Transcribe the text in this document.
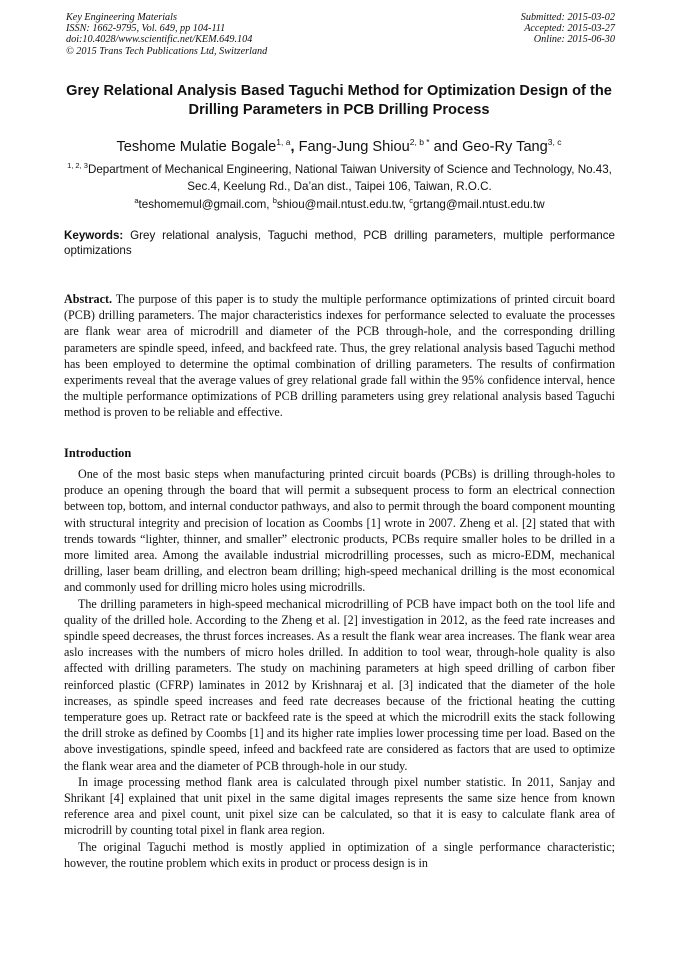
Key Engineering Materials
ISSN: 1662-9795, Vol. 649, pp 104-111
doi:10.4028/www.scientific.net/KEM.649.104
© 2015 Trans Tech Publications Ltd, Switzerland
Submitted: 2015-03-02
Accepted: 2015-03-27
Online: 2015-06-30
Grey Relational Analysis Based Taguchi Method for Optimization Design of the Drilling Parameters in PCB Drilling Process
Teshome Mulatie Bogale$^{1, a}$, Fang-Jung Shiou$^{2, b *}$ and Geo-Ry Tang$^{3, c}$
$^{1, 2, 3}$Department of Mechanical Engineering, National Taiwan University of Science and Technology, No.43, Sec.4, Keelung Rd., Da’an dist., Taipei 106, Taiwan, R.O.C.
$^a$teshomemul@gmail.com, $^b$shiou@mail.ntust.edu.tw, $^c$grtang@mail.ntust.edu.tw
Keywords: Grey relational analysis, Taguchi method, PCB drilling parameters, multiple performance optimizations
Abstract. The purpose of this paper is to study the multiple performance optimizations of printed circuit board (PCB) drilling parameters. The major characteristics indexes for performance selected to evaluate the processes are flank wear area of microdrill and diameter of the PCB through-hole, and the corresponding drilling parameters are spindle speed, infeed, and backfeed rate. Thus, the grey relational analysis based Taguchi method has been employed to determine the optimal combination of drilling parameters. The results of confirmation experiments reveal that the average values of grey relational grade fall within the 95% confidence interval, hence the multiple performance optimizations of PCB drilling parameters using grey relational analysis based Taguchi method is proven to be reliable and effective.
Introduction

One of the most basic steps when manufacturing printed circuit boards (PCBs) is drilling through-holes to produce an opening through the board that will permit a subsequent process to form an electrical connection between top, bottom, and internal conductor pathways, and also to permit through the board component mounting with structural integrity and precision of location as Coombs [1] wrote in 2007. Zheng et al. [2] stated that with trends towards “lighter, thinner, and smaller” electronic products, PCBs require smaller holes to be drilled in a more limited area. Among the available industrial microdrilling processes, such as micro-EDM, mechanical drilling, laser beam drilling, and electron beam drilling; high-speed mechanical drilling is the most economical and commonly used for drilling micro holes using microdrills.

The drilling parameters in high-speed mechanical microdrilling of PCB have impact both on the tool life and quality of the drilled hole. According to the Zheng et al. [2] investigation in 2012, as the feed rate increases and spindle speed decreases, the thrust forces increases. As a result the flank wear area increases. The flank wear area aslo increases with the numbers of micro holes drilled. In addition to tool wear, through-hole quality is also affected with drilling parameters. The study on machining parameters at high speed drilling of carbon fiber reinforced plastic (CFRP) laminates in 2012 by Krishnaraj et al. [3] indicated that the diameter of the hole increases, as spindle speed increases and feed rate decreases because of the frictional heating the cutting temperature goes up. Retract rate or backfeed rate is the speed at which the microdrill exits the stack following the drill stroke as defined by Coombs [1] and its higher rate implies lower processing time per load. Based on the above investigations, spindle speed, infeed and backfeed rate are considered as factors that are used to optimize the flank wear area and the diameter of PCB through-hole in our study.

In image processing method flank area is calculated through pixel number statistic. In 2011, Sanjay and Shrikant [4] explained that unit pixel in the same digital images represents the same size hence from known reference area and pixel count, unit pixel size can be calculated, so that it is easy to calculate flank area of microdrill by counting total pixel in flank area region.

The original Taguchi method is mostly applied in optimization of a single performance characteristic; however, the routine problem which exits in product or process design is in
